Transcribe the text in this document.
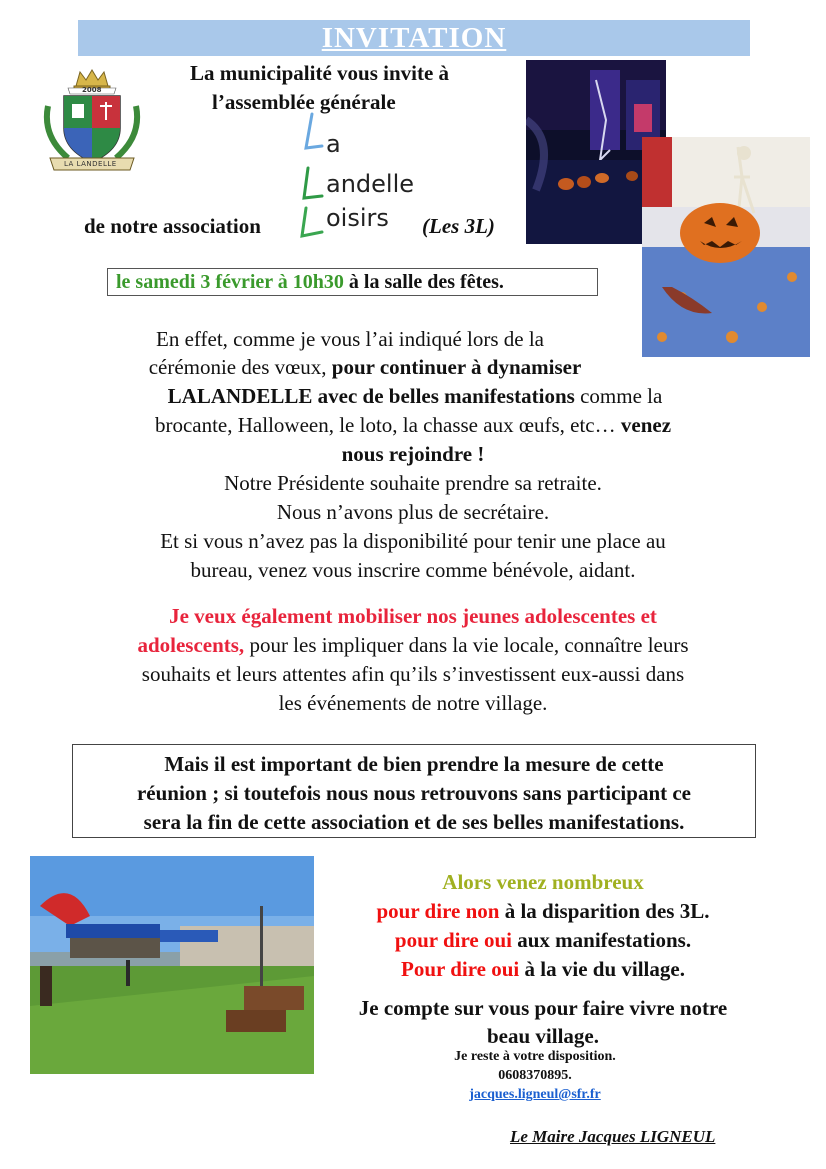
INVITATION
2008
LA LANDELLE
La municipalité vous invite à
l’assemblée générale
de notre association	(Les 3L)
a
andelle
oisirs
le samedi 3 février à 10h30 à la salle des fêtes.
En effet, comme je vous l’ai indiqué lors de la
cérémonie des vœux, pour continuer à dynamiser
LALANDELLE avec de belles manifestations comme la
brocante, Halloween, le loto, la chasse aux œufs, etc… venez
nous rejoindre !
Notre Présidente souhaite prendre sa retraite.
Nous n’avons plus de secrétaire.
Et si vous n’avez pas la disponibilité pour tenir une place au
bureau, venez vous inscrire comme bénévole, aidant.
Je veux également mobiliser nos jeunes adolescentes et
adolescents, pour les impliquer dans la vie locale, connaître leurs
souhaits et leurs attentes afin qu’ils s’investissent eux-aussi dans
les événements de notre village.
Mais il est important de bien prendre la mesure de cette
réunion ; si toutefois nous nous retrouvons sans participant ce
sera la fin de cette association et de ses belles manifestations.
Alors venez nombreux
pour dire non à la disparition des 3L.
pour dire oui aux manifestations.
Pour dire oui à la vie du village.
Je compte sur vous pour faire vivre notre
beau village.
Je reste à votre disposition.
0608370895.
jacques.ligneul@sfr.fr
Le Maire Jacques LIGNEUL
